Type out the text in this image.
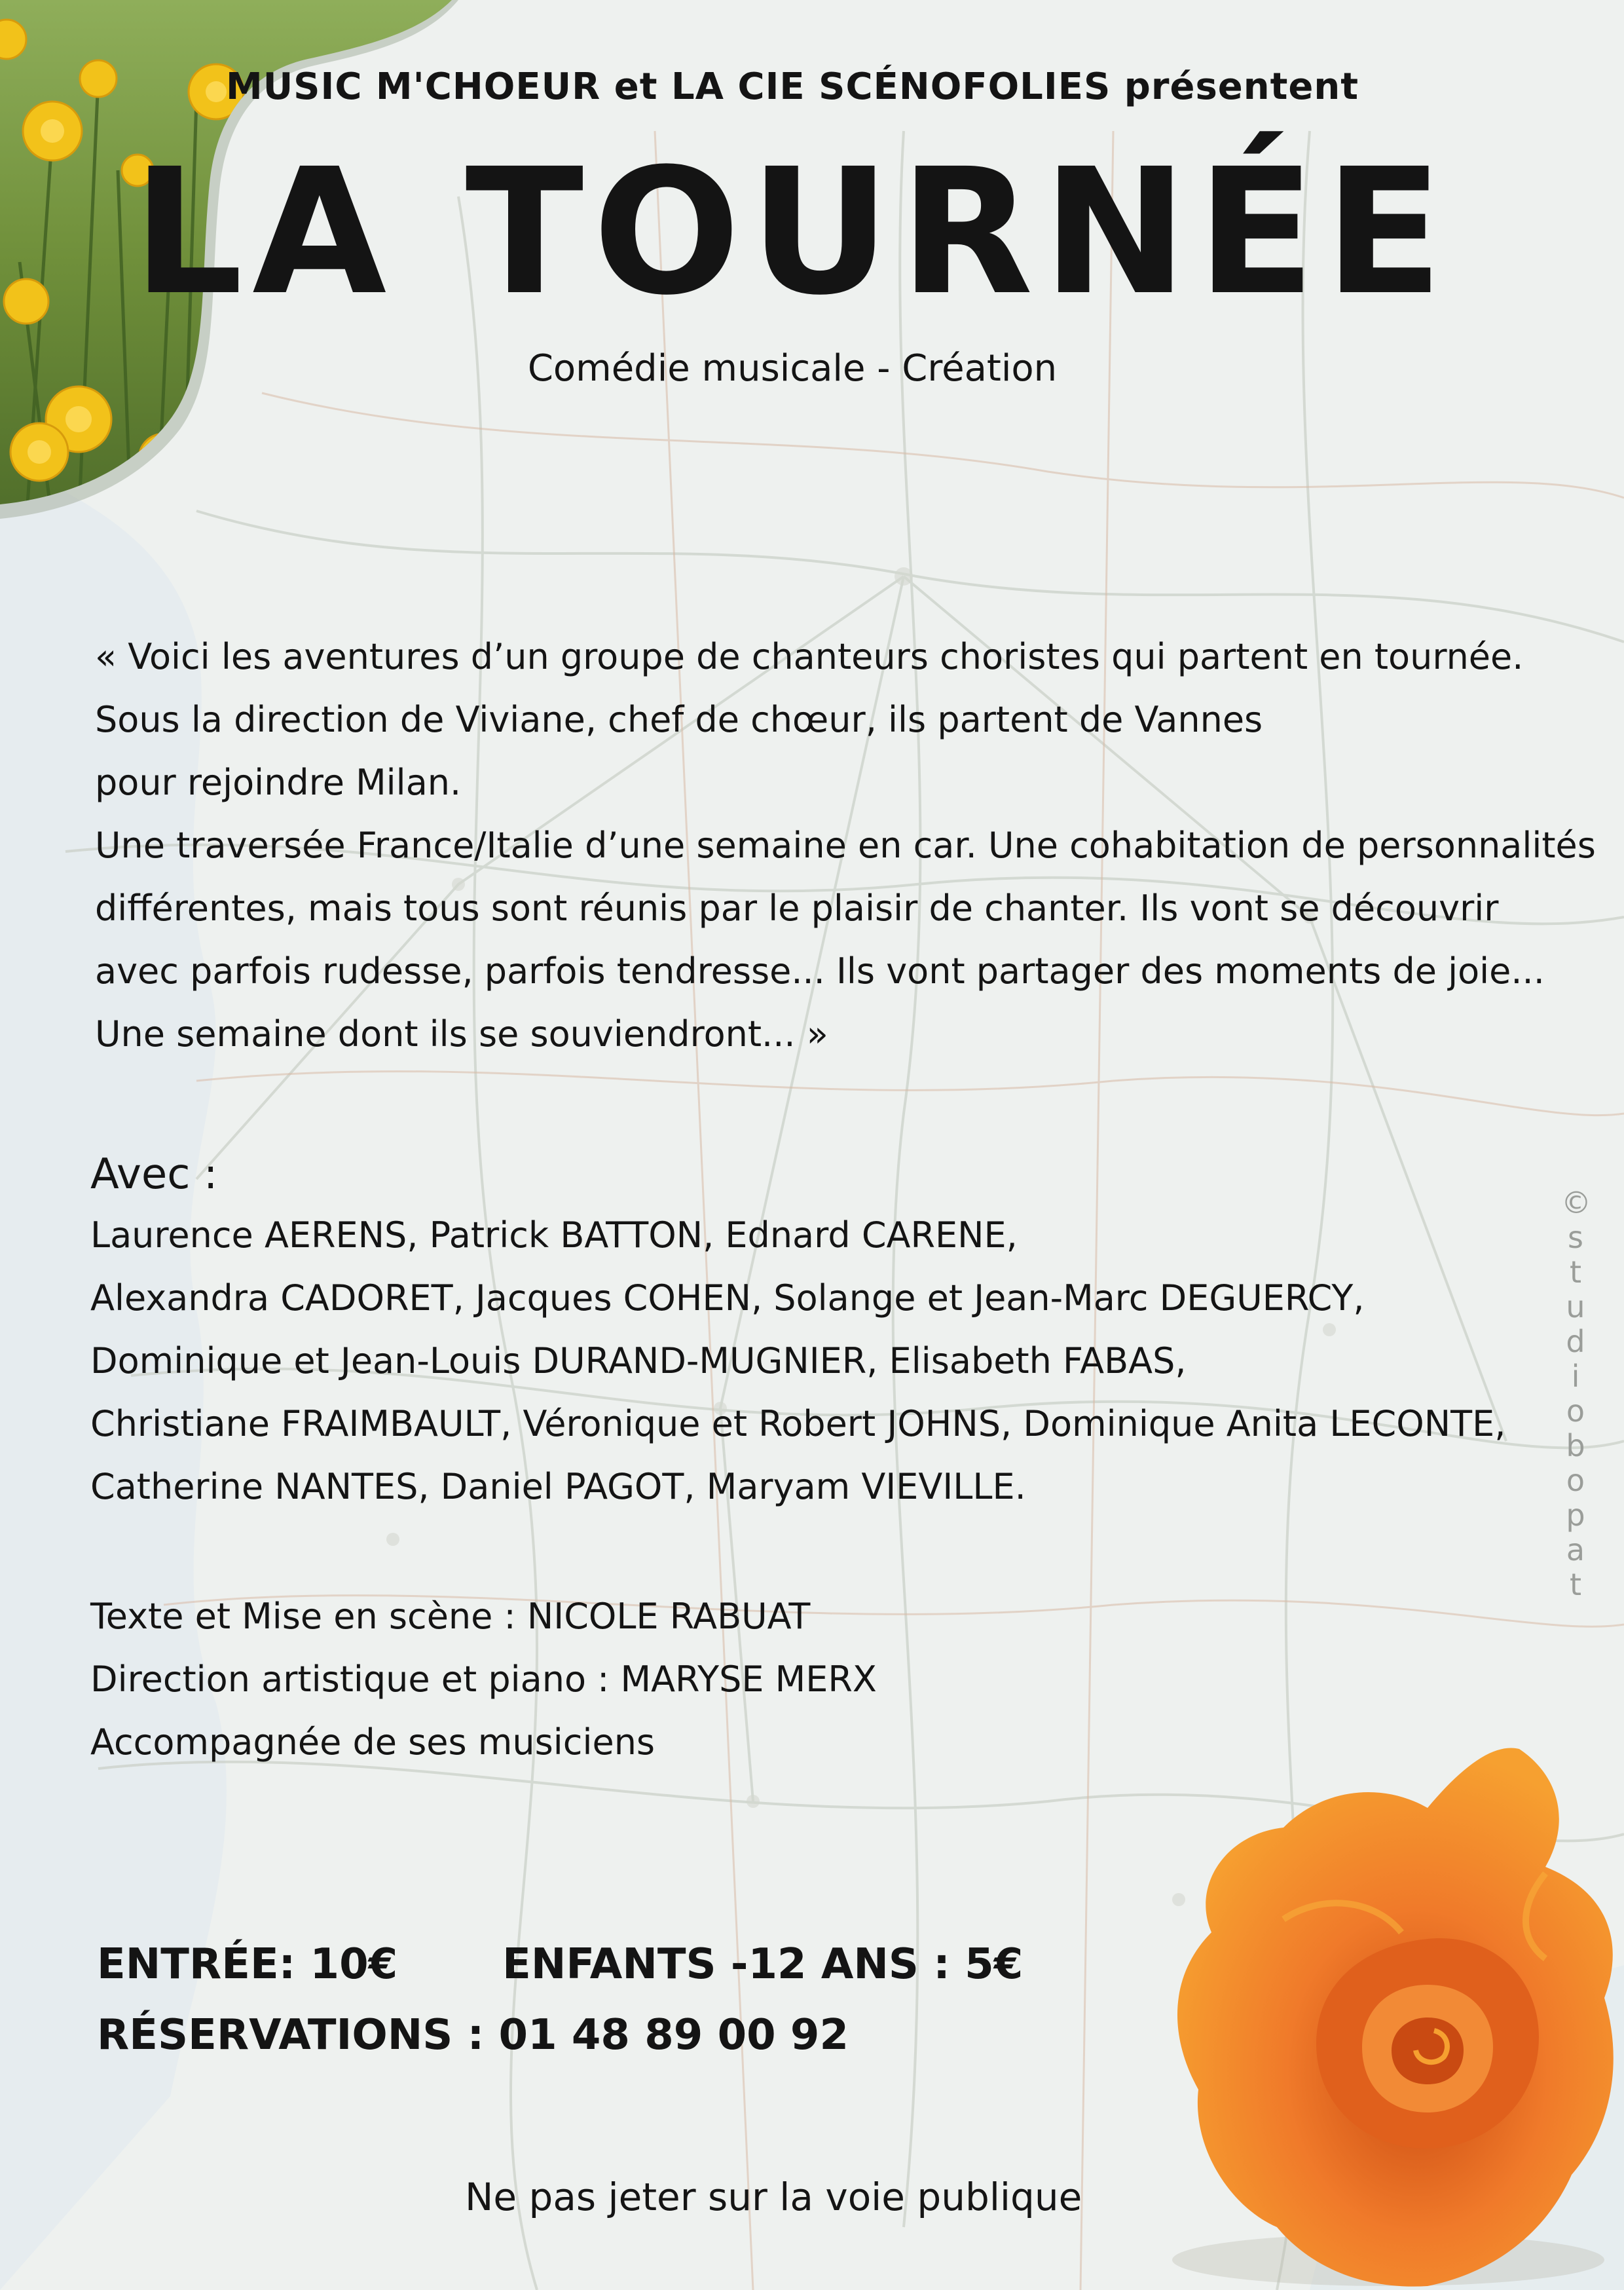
MUSIC M'CHOEUR et LA CIE SCÉNOFOLIES présentent
LA TOURNÉE
Comédie musicale - Création
« Voici les aventures d’un groupe de chanteurs choristes qui partent en tournée.
Sous la direction de Viviane, chef de chœur, ils partent de Vannes
pour rejoindre Milan.
Une traversée France/Italie d’une semaine en car. Une cohabitation de personnalités
différentes, mais tous sont réunis par le plaisir de chanter. Ils vont se découvrir
avec parfois rudesse, parfois tendresse... Ils vont partager des moments de joie...
Une semaine dont ils se souviendront... »
Avec :
Laurence AERENS, Patrick BATTON, Ednard CARENE,
Alexandra CADORET, Jacques COHEN, Solange et Jean-Marc DEGUERCY,
Dominique et Jean-Louis DURAND-MUGNIER, Elisabeth FABAS,
Christiane FRAIMBAULT, Véronique et Robert JOHNS, Dominique Anita LECONTE,
Catherine NANTES, Daniel PAGOT, Maryam VIEVILLE.
Texte et Mise en scène : NICOLE RABUAT
Direction artistique et piano : MARYSE MERX
Accompagnée de ses musiciens
ENTRÉE: 10€	ENFANTS -12 ANS : 5€
RÉSERVATIONS : 01 48 89 00 92
Ne pas jeter sur la voie publique
©
s
t
u
d
i
o
b
o
p
a
t
